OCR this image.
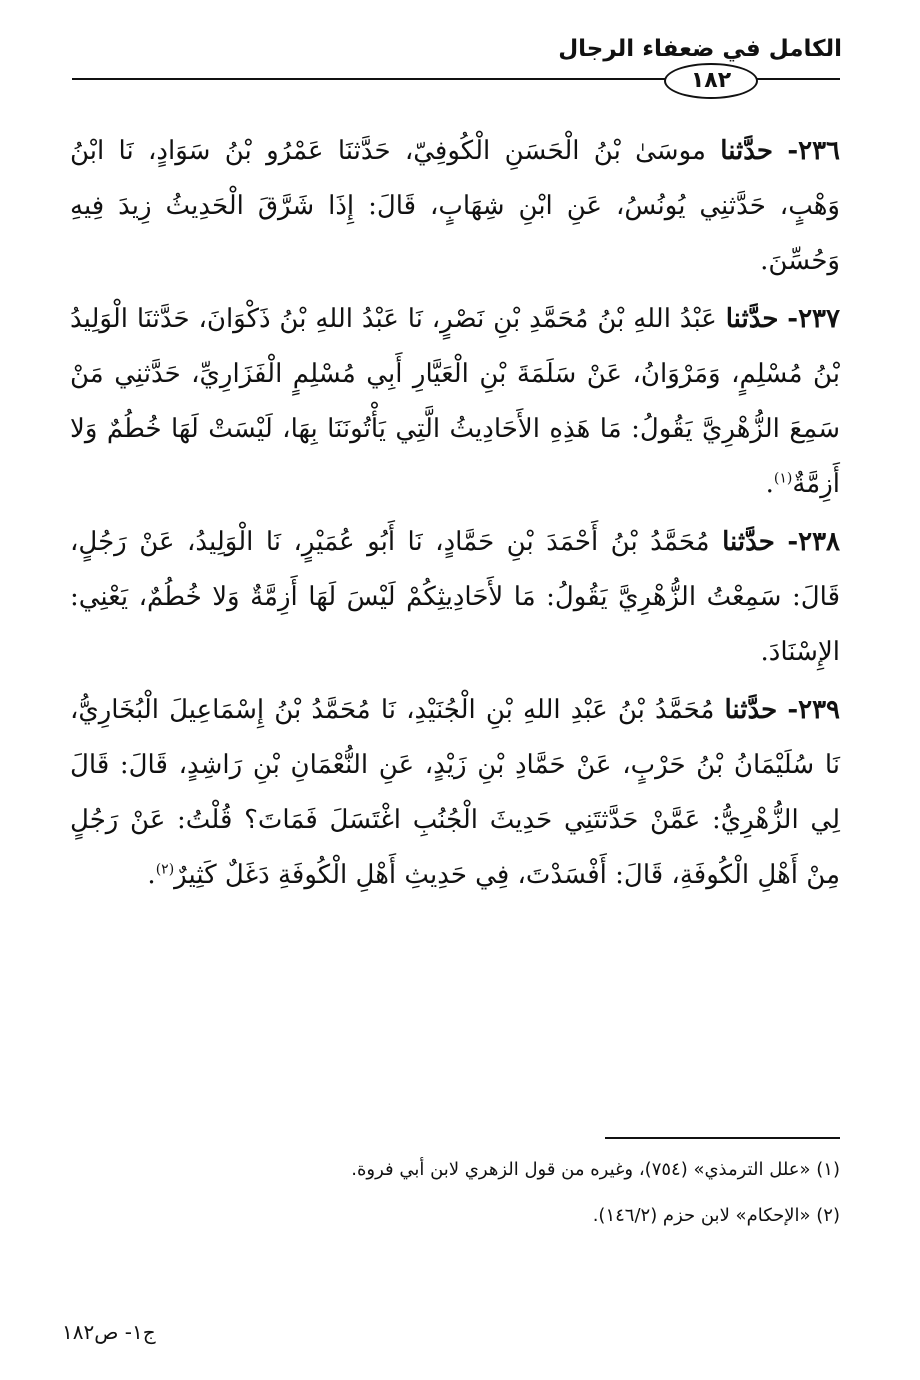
الكامل في ضعفاء الرجال
١٨٢

٢٣٦- حدَّثنا موسَىٰ بْنُ الْحَسَنِ الْكُوفِيّ، حَدَّثنَا عَمْرُو بْنُ سَوَادٍ، نَا ابْنُ وَهْبٍ، حَدَّثنِي يُونُسُ، عَنِ ابْنِ شِهَابٍ، قَالَ: إِذَا شَرَّقَ الْحَدِيثُ زِيدَ فِيهِ وَحُسِّنَ.

٢٣٧- حدَّثنا عَبْدُ اللهِ بْنُ مُحَمَّدِ بْنِ نَصْرٍ، نَا عَبْدُ اللهِ بْنُ ذَكْوَانَ، حَدَّثنَا الْوَلِيدُ بْنُ مُسْلِمٍ، وَمَرْوَانُ، عَنْ سَلَمَةَ بْنِ الْعَيَّارِ أَبِي مُسْلِمٍ الْفَزَارِيِّ، حَدَّثنِي مَنْ سَمِعَ الزُّهْرِيَّ يَقُولُ: مَا هَذِهِ الأَحَادِيثُ الَّتِي يَأْتُونَنَا بِهَا، لَيْسَتْ لَهَا خُطُمٌ وَلا أَزِمَّةٌ$^{(١)}$.

٢٣٨- حدَّثنا مُحَمَّدُ بْنُ أَحْمَدَ بْنِ حَمَّادٍ، نَا أَبُو عُمَيْرٍ، نَا الْوَلِيدُ، عَنْ رَجُلٍ، قَالَ: سَمِعْتُ الزُّهْرِيَّ يَقُولُ: مَا لأَحَادِيثِكُمْ لَيْسَ لَهَا أَزِمَّةٌ وَلا خُطُمٌ، يَعْنِي: الإِسْنَادَ.

٢٣٩- حدَّثنا مُحَمَّدُ بْنُ عَبْدِ اللهِ بْنِ الْجُنَيْدِ، نَا مُحَمَّدُ بْنُ إِسْمَاعِيلَ الْبُخَارِيُّ، نَا سُلَيْمَانُ بْنُ حَرْبٍ، عَنْ حَمَّادِ بْنِ زَيْدٍ، عَنِ النُّعْمَانِ بْنِ رَاشِدٍ، قَالَ: قَالَ لِي الزُّهْرِيُّ: عَمَّنْ حَدَّثتَنِي حَدِيثَ الْجُنُبِ اغْتَسَلَ فَمَاتَ؟ قُلْتُ: عَنْ رَجُلٍ مِنْ أَهْلِ الْكُوفَةِ، قَالَ: أَفْسَدْتَ، فِي حَدِيثِ أَهْلِ الْكُوفَةِ دَغَلٌ كَثِيرٌ$^{(٢)}$.

(١) «علل الترمذي» (٧٥٤)، وغيره من قول الزهري لابن أبي فروة.

(٢) «الإحكام» لابن حزم (١٤٦/٢).

ج١- ص١٨٢
